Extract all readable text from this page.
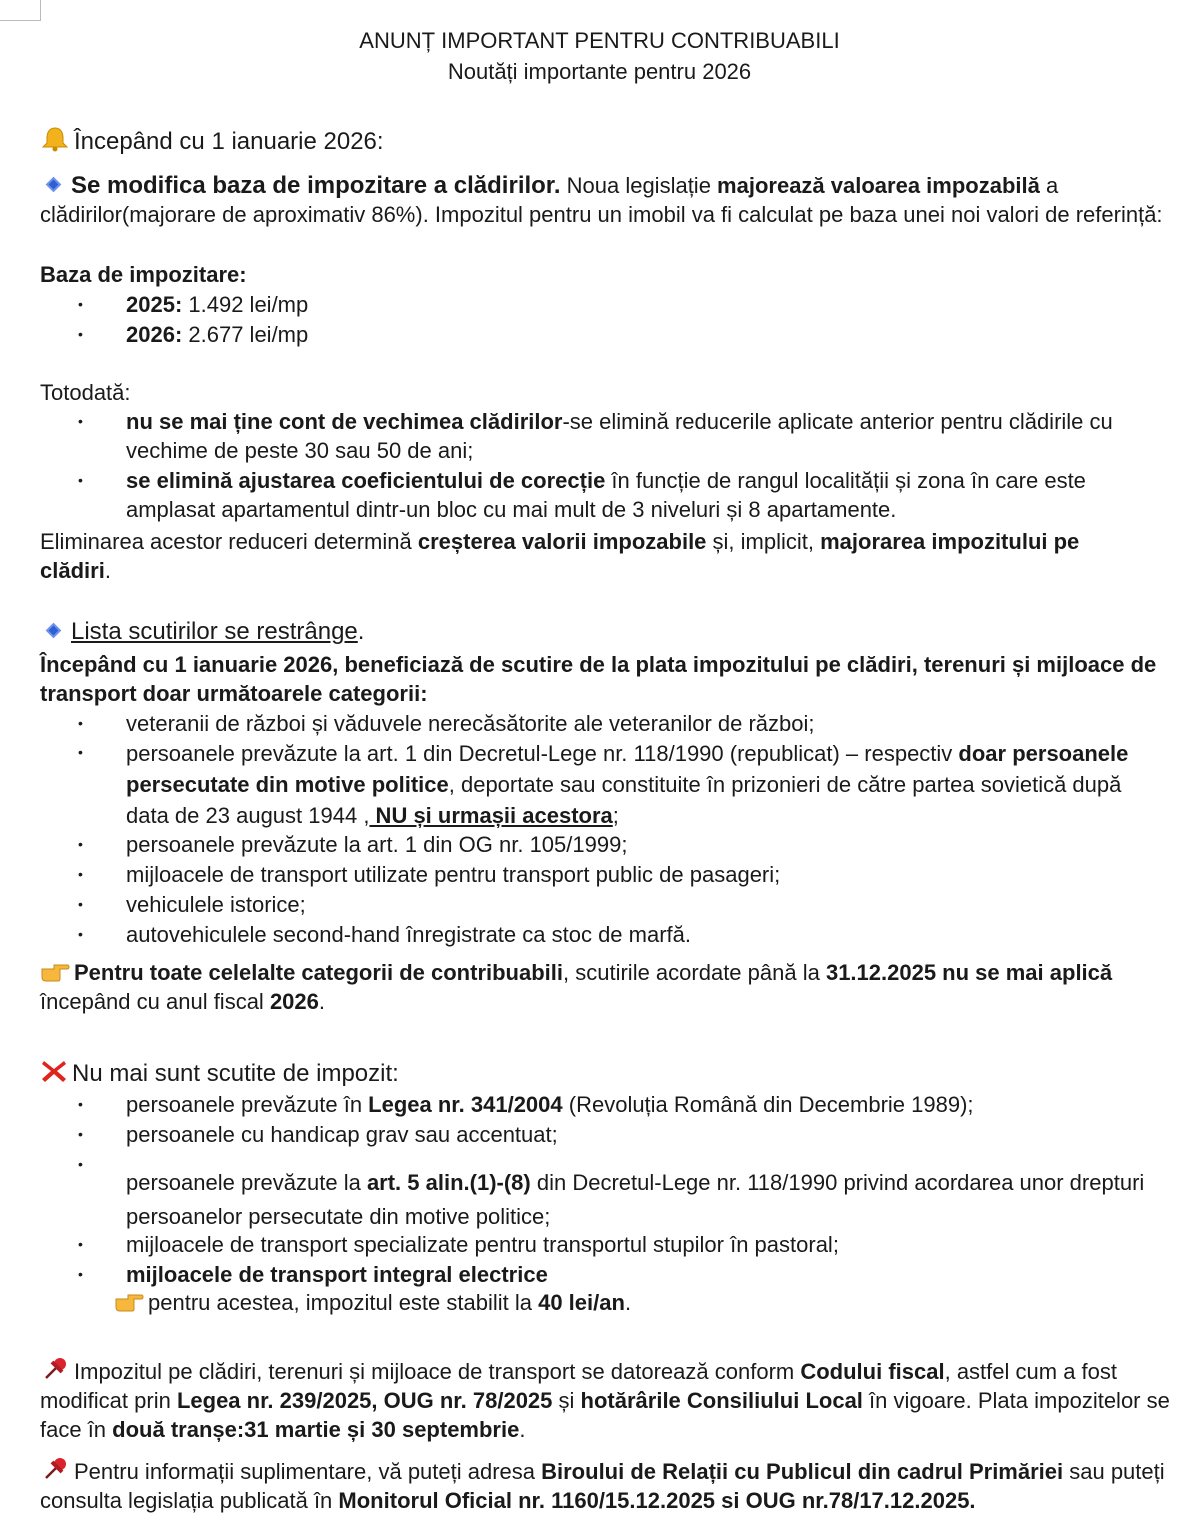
ANUNȚ IMPORTANT PENTRU CONTRIBUABILI
Noutăți importante pentru 2026
Începând cu 1 ianuarie 2026:
Se modifica baza de impozitare a clădirilor. Noua legislație majorează valoarea impozabilă a clădirilor(majorare de aproximativ 86%). Impozitul pentru un imobil va fi calculat pe baza unei noi valori de referință:
Baza de impozitare:
•	2025: 1.492 lei/mp
•	2026: 2.677 lei/mp
Totodată:
•	nu se mai ține cont de vechimea clădirilor-se elimină reducerile aplicate anterior pentru clădirile cu vechime de peste 30 sau 50 de ani;
•	se elimină ajustarea coeficientului de corecție în funcție de rangul localității și zona în care este amplasat apartamentul dintr-un bloc cu mai mult de 3 niveluri și 8 apartamente.
Eliminarea acestor reduceri determină creșterea valorii impozabile și, implicit, majorarea impozitului pe clădiri.
Lista scutirilor se restrânge.
Începând cu 1 ianuarie 2026, beneficiază de scutire de la plata impozitului pe clădiri, terenuri și mijloace de transport doar următoarele categorii:
•	veteranii de război și văduvele nerecăsătorite ale veteranilor de război;
•	persoanele prevăzute la art. 1 din Decretul-Lege nr. 118/1990 (republicat) – respectiv doar persoanele persecutate din motive politice, deportate sau constituite în prizonieri de către partea sovietică după data de 23 august 1944 , NU și urmașii acestora;
•	persoanele prevăzute la art. 1 din OG nr. 105/1999;
•	mijloacele de transport utilizate pentru transport public de pasageri;
•	vehiculele istorice;
•	autovehiculele second-hand înregistrate ca stoc de marfă.
Pentru toate celelalte categorii de contribuabili, scutirile acordate până la 31.12.2025 nu se mai aplică începând cu anul fiscal 2026.
Nu mai sunt scutite de impozit:
•	persoanele prevăzute în Legea nr. 341/2004 (Revoluția Română din Decembrie 1989);
•	persoanele cu handicap grav sau accentuat;
•
persoanele prevăzute la art. 5 alin.(1)-(8) din Decretul-Lege nr. 118/1990 privind acordarea unor drepturi persoanelor persecutate din motive politice;
•	mijloacele de transport specializate pentru transportul stupilor în pastoral;
•	mijloacele de transport integral electrice
pentru acestea, impozitul este stabilit la 40 lei/an.
Impozitul pe clădiri, terenuri și mijloace de transport se datorează conform Codului fiscal, astfel cum a fost modificat prin Legea nr. 239/2025, OUG nr. 78/2025 și hotărârile Consiliului Local în vigoare. Plata impozitelor se face în două tranșe:31 martie și 30 septembrie.
Pentru informații suplimentare, vă puteți adresa Biroului de Relații cu Publicul din cadrul Primăriei sau puteți consulta legislația publicată în Monitorul Oficial nr. 1160/15.12.2025 si OUG nr.78/17.12.2025.
